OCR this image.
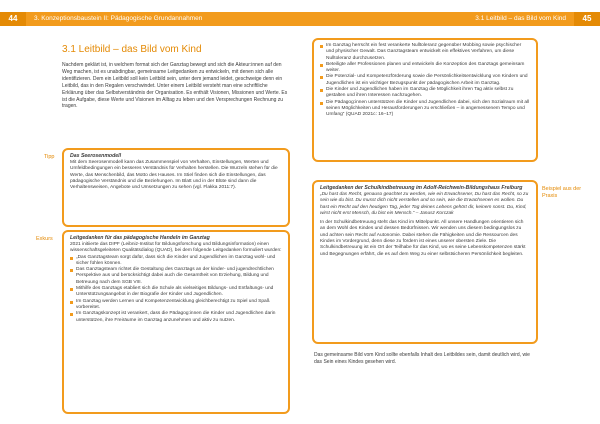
44	3. Konzeptionsbaustein II: Pädagogische Grundannahmen
3.1 Leitbild – das Bild vom Kind

Nachdem geklärt ist, in welchem format sich der Ganztag bewegt und sich die Akteur:innen auf den Weg machen, ist es unabdingbar, gemeinsame Leitgedanken zu entwickeln, mit denen sich alle identifizieren. Dem ein Leitbild soll kein Leitbild sein, unter dem jemand leidet, geschweige denn ein Leitbild, das in den Regalen verschwindet. Unter einem Leitbild versteht man eine schriftliche Erklärung über das Selbstverständnis der Organisation. Es enthält Visionen, Missionen und Werte. Es ist die Aufgabe, diese Werte und Visionen im Alltag zu leben und den Versprechungen Rechnung zu tragen.

Tipp	Das Seerosenmodell

Mit dem Seerosenmodell kann das Zusammenspiel von Verhalten, Einstellungen, Werten und Umfeldbedingungen ein besseres Verständnis für Verhalten herstellen. Die Wurzeln stehen für die Werte, das Menschenbild, das Motto des Hauses. Im Stiel finden sich die Einstellungen, das pädagogische Verständnis und die Beziehungen. Im Blatt und in der Blüte sind dann die Verhaltensweisen, Angebote und Umsetzungen zu sehen (vgl. Flakka 2011:7).

Exkurs	Leitgedanken für das pädagogische Handeln im Ganztag

2021 initiierte das DIPF (Leibniz-Institut für Bildungsforschung und Bildungsinformation) einen wissenschaftsgeleiteten Qualitätsdialog (QUAD), bei dem folgende Leitgedanken formuliert wurden:

„Das Ganztagsteam sorgt dafür, dass sich die Kinder und Jugendlichen im Ganztag wohl- und sicher fühlen können.
Das Ganztagsteam richtet die Gestaltung des Ganztags an der kinder- und jugendrechtlichen Perspektive aus und berücksichtigt dabei auch die Gesamtheit von Erziehung, Bildung und Betreuung nach dem SGB VIII.
Mithilfe des Ganztags etabliert sich die Schule als vielseitiges Bildungs- und Entfaltungs- und Unterstützungsangebot in der Biografie der Kinder und Jugendlichen.
Im Ganztag werden Lernen und Kompetenzentwicklung gleichberechtigt zu Spiel und Spaß vorbereitet.
Im Ganztagskonzept ist verankert, dass die Pädagog:innen die Kinder und Jugendlichen darin unterstützen, ihre Freiräume im Ganztag anzunehmen und aktiv zu nutzen.
3.1 Leitbild – das Bild vom Kind	45
Im Ganztag herrscht ein fest verankerte Nulltoleranz gegenüber Mobbing sowie psychischer und physischer Gewalt. Das Ganztagsteam entwickelt ein effektives Verfahren, um diese Nulltoleranz durchzusetzen.
Beteiligte aller Professionen planen und entwickeln die Konzeption des Ganztags gemeinsam weiter.
Die Potenzial- und Kompetenzförderung sowie die Persönlichkeitsentwicklung von Kindern und Jugendlichen ist ein wichtiger Bezugspunkt der pädagogischen Arbeit im Ganztag.
Die Kinder und Jugendlichen haben im Ganztag die Möglichkeit ihren Tag aktiv selbst zu gestalten und ihren Interessen nachzugehen.
Die Pädagog:innen unterstützen die Kinder und Jugendlichen dabei, sich den Sozialraum mit all seinen Möglichkeiten und Herausforderungen zu erschließen – in angemessenem Tempo und Umfang“ (QUAD 2021c: 16–17)
Beispiel aus der Praxis
Leitgedanken der Schulkindbetreuung im Adolf-Reichwein-Bildungshaus Freiburg

„Du hast das Recht, genauso geachtet zu werden, wie ein Erwachsener, Du hast das Recht, so zu sein wie du bist. Du musst dich nicht verstellen und so sein, wie die Erwachsenen es wollen. Du hast ein Recht auf den heutigen Tag, jeder Tag deines Lebens gehört dir, keinem sonst. Du, Kind, wirst nicht erst Mensch, du bist ein Mensch.“ – Janusz Korczak

In der Schulkindbetreuung steht das Kind im Mittelpunkt. All unsere Handlungen orientieren sich an dem Wohl des Kindes und dessen Bedürfnissen. Wir wenden uns diesem bedingungslos zu und achten sein Recht auf Autonomie. Dabei stehen die Fähigkeiten und die Ressourcen des Kindes im Vordergrund, denn diese zu fördern ist eines unserer obersten Ziele. Die Schulkindbetreuung ist ein Ort der Teilhabe für das Kind, wo es seine Lebenskompetenzen stärkt und Begegnungen erfährt, die es auf dem Weg zu einer selbstsicheren Persönlichkeit begleiten.

Das gemeinsame Bild vom Kind sollte ebenfalls Inhalt des Leitbildes sein, damit deutlich wird, wie das Sein eines Kindes gesehen wird.
